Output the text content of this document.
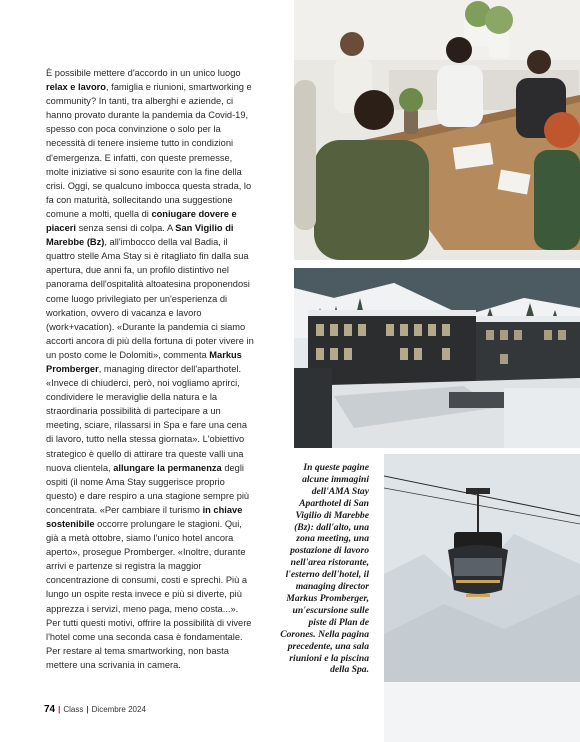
È possibile mettere d'accordo in un unico luogo relax e lavoro, famiglia e riunioni, smartworking e community? In tanti, tra alberghi e aziende, ci hanno provato durante la pandemia da Covid-19, spesso con poca convinzione o solo per la necessità di tenere insieme tutto in condizioni d'emergenza. E infatti, con queste premesse, molte iniziative si sono esaurite con la fine della crisi. Oggi, se qualcuno imbocca questa strada, lo fa con maturità, sollecitando una suggestione comune a molti, quella di coniugare dovere e piaceri senza sensi di colpa. A San Vigilio di Marebbe (Bz), all'imbocco della val Badia, il quattro stelle Ama Stay si è ritagliato fin dalla sua apertura, due anni fa, un profilo distintivo nel panorama dell'ospitalità altoatesina proponendosi come luogo privilegiato per un'esperienza di workation, ovvero di vacanza e lavoro (work+vacation). «Durante la pandemia ci siamo accorti ancora di più della fortuna di poter vivere in un posto come le Dolomiti», commenta Markus Promberger, managing director dell'aparthotel. «Invece di chiuderci, però, noi vogliamo aprirci, condividere le meraviglie della natura e la straordinaria possibilità di partecipare a un meeting, sciare, rilassarsi in Spa e fare una cena di lavoro, tutto nella stessa giornata». L'obiettivo strategico è quello di attirare tra queste valli una nuova clientela, allungare la permanenza degli ospiti (il nome Ama Stay suggerisce proprio questo) e dare respiro a una stagione sempre più concentrata. «Per cambiare il turismo in chiave sostenibile occorre prolungare le stagioni. Qui, già a metà ottobre, siamo l'unico hotel ancora aperto», prosegue Promberger. «Inoltre, durante arrivi e partenze si registra la maggior concentrazione di consumi, costi e sprechi. Più a lungo un ospite resta invece e più si diverte, più apprezza i servizi, meno paga, meno costa...». Per tutti questi motivi, offrire la possibilità di vivere l'hotel come una seconda casa è fondamentale. Per restare al tema smartworking, non basta mettere una scrivania in camera.

In queste pagine alcune immagini dell'AMA Stay Aparthotel di San Vigilio di Marebbe (Bz): dall'alto, una zona meeting, una postazione di lavoro nell'area ristorante, l'esterno dell'hotel, il managing director Markus Promberger, un'escursione sulle piste di Plan de Corones. Nella pagina precedente, una sala riunioni e la piscina della Spa.

74 | Class | Dicembre 2024
